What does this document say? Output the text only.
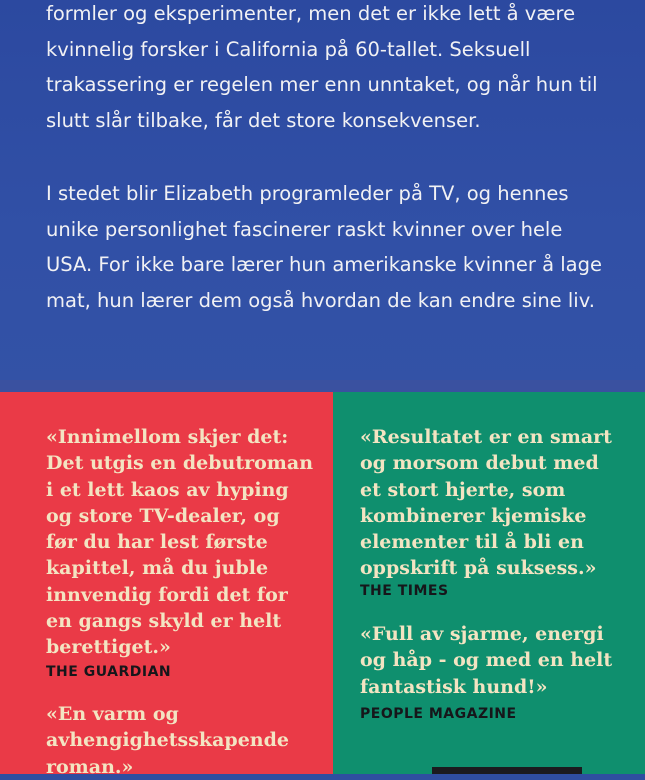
formler og eksperimenter, men det er ikke lett å være
kvinnelig forsker i California på 60-tallet. Seksuell
trakassering er regelen mer enn unntaket, og når hun til
slutt slår tilbake, får det store konsekvenser.

I stedet blir Elizabeth programleder på TV, og hennes
unike personlighet fascinerer raskt kvinner over hele
USA. For ikke bare lærer hun amerikanske kvinner å lage
mat, hun lærer dem også hvordan de kan endre sine liv.

«Innimellom skjer det:
Det utgis en debutroman
i et lett kaos av hyping
og store TV-dealer, og
før du har lest første
kapittel, må du juble
innvendig fordi det for
en gangs skyld er helt
berettiget.»

THE GUARDIAN

«En varm og
avhengighetsskapende
roman.»

«Resultatet er en smart
og morsom debut med
et stort hjerte, som
kombinerer kjemiske
elementer til å bli en
oppskrift på suksess.»

THE TIMES

«Full av sjarme, energi
og håp - og med en helt
fantastisk hund!»

PEOPLE MAGAZINE
